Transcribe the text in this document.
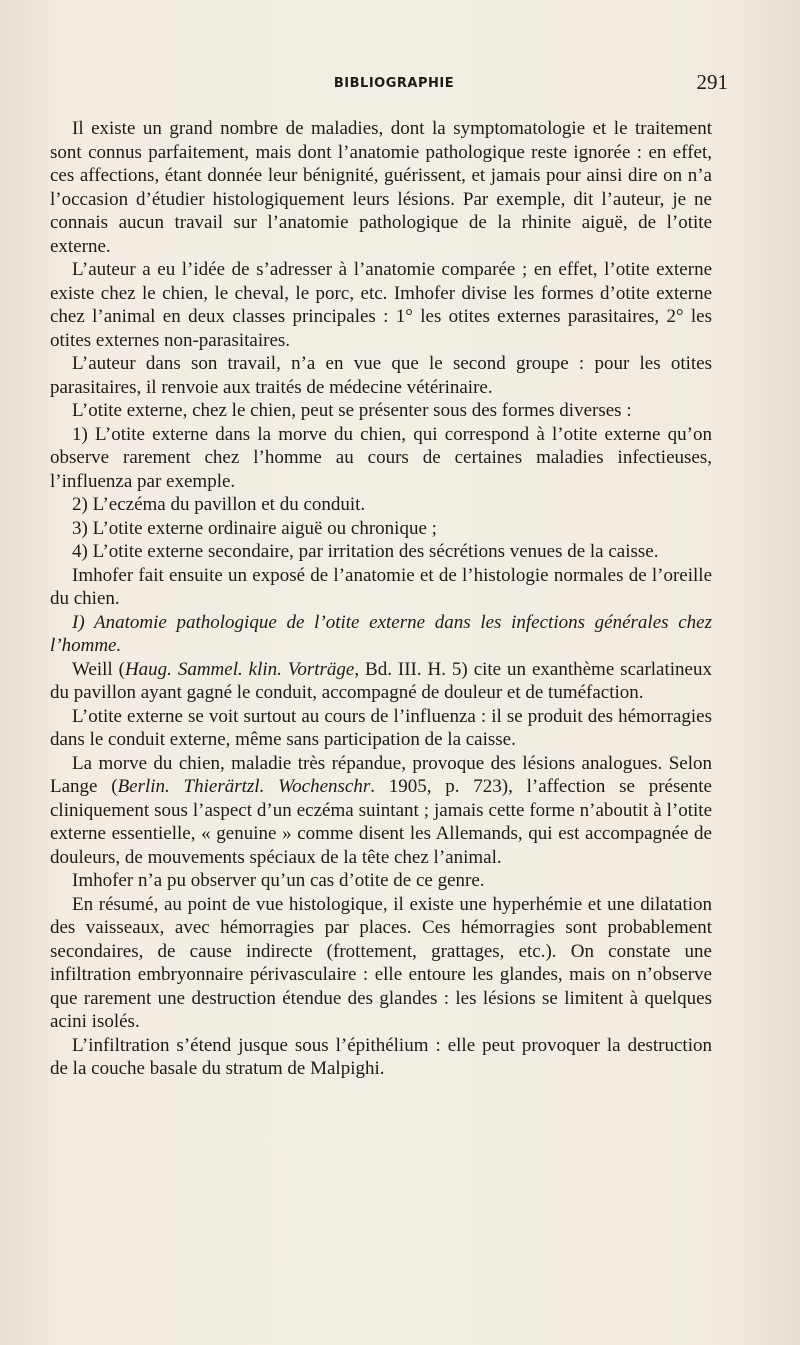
BIBLIOGRAPHIE	291

Il existe un grand nombre de maladies, dont la symptomatologie et le traitement sont connus parfaitement, mais dont l’anatomie pathologique reste ignorée : en effet, ces affections, étant donnée leur bénignité, guérissent, et jamais pour ainsi dire on n’a l’occasion d’étudier histologiquement leurs lésions. Par exemple, dit l’auteur, je ne connais aucun travail sur l’anatomie pathologique de la rhinite aiguë, de l’otite externe.

L’auteur a eu l’idée de s’adresser à l’anatomie comparée ; en effet, l’otite externe existe chez le chien, le cheval, le porc, etc. Imhofer divise les formes d’otite externe chez l’animal en deux classes principales : 1° les otites externes parasitaires, 2° les otites externes non-parasitaires.

L’auteur dans son travail, n’a en vue que le second groupe : pour les otites parasitaires, il renvoie aux traités de médecine vétérinaire.

L’otite externe, chez le chien, peut se présenter sous des formes diverses :

1) L’otite externe dans la morve du chien, qui correspond à l’otite externe qu’on observe rarement chez l’homme au cours de certaines maladies infectieuses, l’influenza par exemple.

2) L’eczéma du pavillon et du conduit.

3) L’otite externe ordinaire aiguë ou chronique ;

4) L’otite externe secondaire, par irritation des sécrétions venues de la caisse.

Imhofer fait ensuite un exposé de l’anatomie et de l’histologie normales de l’oreille du chien.

I) Anatomie pathologique de l’otite externe dans les infections générales chez l’homme.

Weill (Haug. Sammel. klin. Vorträge, Bd. III. H. 5) cite un exanthème scarlatineux du pavillon ayant gagné le conduit, accompagné de douleur et de tuméfaction.

L’otite externe se voit surtout au cours de l’influenza : il se produit des hémorragies dans le conduit externe, même sans participation de la caisse.

La morve du chien, maladie très répandue, provoque des lésions analogues. Selon Lange (Berlin. Thierärtzl. Wochenschr. 1905, p. 723), l’affection se présente cliniquement sous l’aspect d’un eczéma suintant ; jamais cette forme n’aboutit à l’otite externe essentielle, « genuine » comme disent les Allemands, qui est accompagnée de douleurs, de mouvements spéciaux de la tête chez l’animal.

Imhofer n’a pu observer qu’un cas d’otite de ce genre.

En résumé, au point de vue histologique, il existe une hyperhémie et une dilatation des vaisseaux, avec hémorragies par places. Ces hémorragies sont probablement secondaires, de cause indirecte (frottement, grattages, etc.). On constate une infiltration embryonnaire périvasculaire : elle entoure les glandes, mais on n’observe que rarement une destruction étendue des glandes : les lésions se limitent à quelques acini isolés.

L’infiltration s’étend jusque sous l’épithélium : elle peut provoquer la destruction de la couche basale du stratum de Malpighi.
